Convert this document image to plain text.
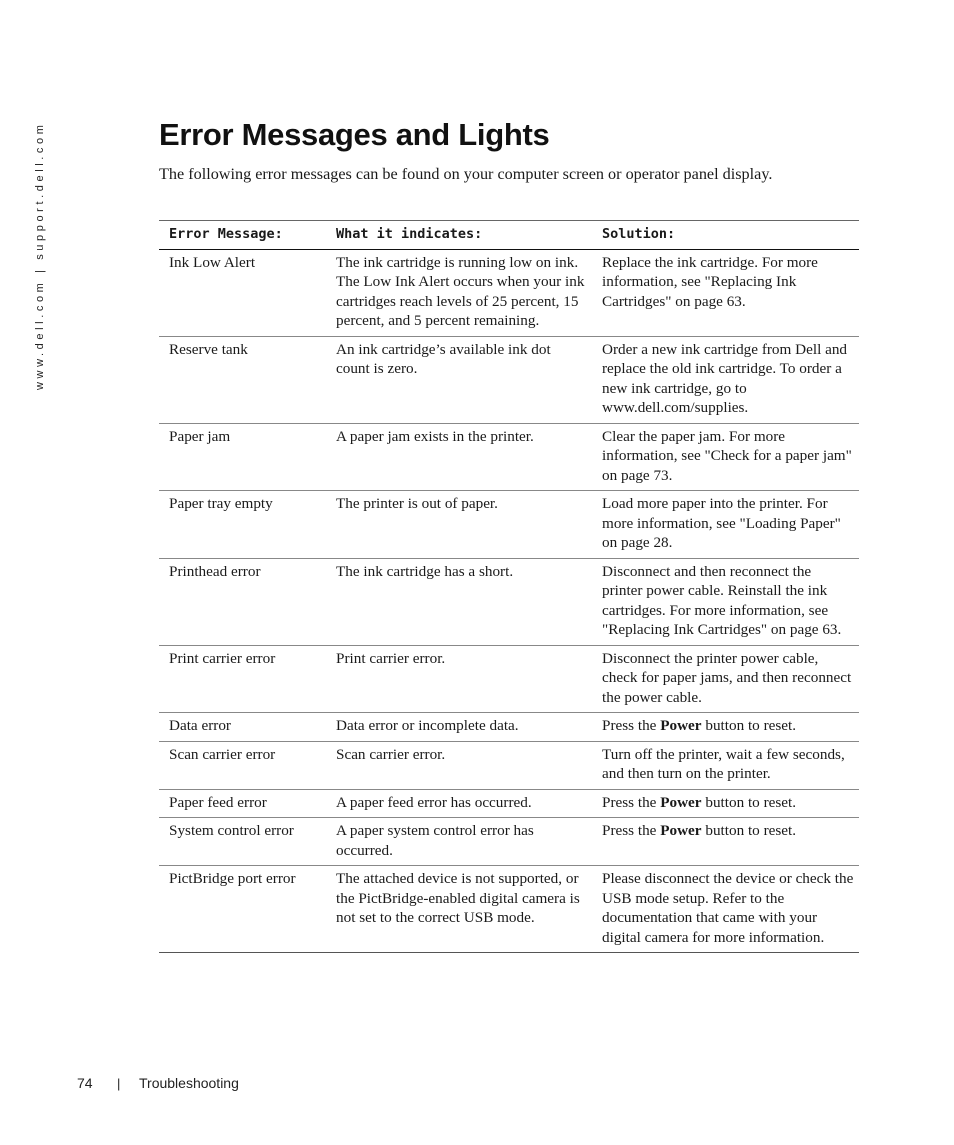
www.dell.com | support.dell.com	Error Messages and Lights

The following error messages can be found on your computer screen or operator panel display.

Error Message:	What it indicates:	Solution:
Ink Low Alert	The ink cartridge is running low on ink. The Low Ink Alert occurs when your ink cartridges reach levels of 25 percent, 15 percent, and 5 percent remaining.	Replace the ink cartridge. For more information, see "Replacing Ink Cartridges" on page 63.
Reserve tank	An ink cartridge’s available ink dot count is zero.	Order a new ink cartridge from Dell and replace the old ink cartridge. To order a new ink cartridge, go to www.dell.com/supplies.
Paper jam	A paper jam exists in the printer.	Clear the paper jam. For more information, see "Check for a paper jam" on page 73.
Paper tray empty	The printer is out of paper.	Load more paper into the printer. For more information, see "Loading Paper" on page 28.
Printhead error	The ink cartridge has a short.	Disconnect and then reconnect the printer power cable. Reinstall the ink cartridges. For more information, see "Replacing Ink Cartridges" on page 63.
Print carrier error	Print carrier error.	Disconnect the printer power cable, check for paper jams, and then reconnect the power cable.
Data error	Data error or incomplete data.	Press the Power button to reset.
Scan carrier error	Scan carrier error.	Turn off the printer, wait a few seconds, and then turn on the printer.
Paper feed error	A paper feed error has occurred.	Press the Power button to reset.
System control error	A paper system control error has occurred.	Press the Power button to reset.
PictBridge port error	The attached device is not supported, or the PictBridge-enabled digital camera is not set to the correct USB mode.	Please disconnect the device or check the USB mode setup. Refer to the documentation that came with your digital camera for more information.
74 | Troubleshooting
